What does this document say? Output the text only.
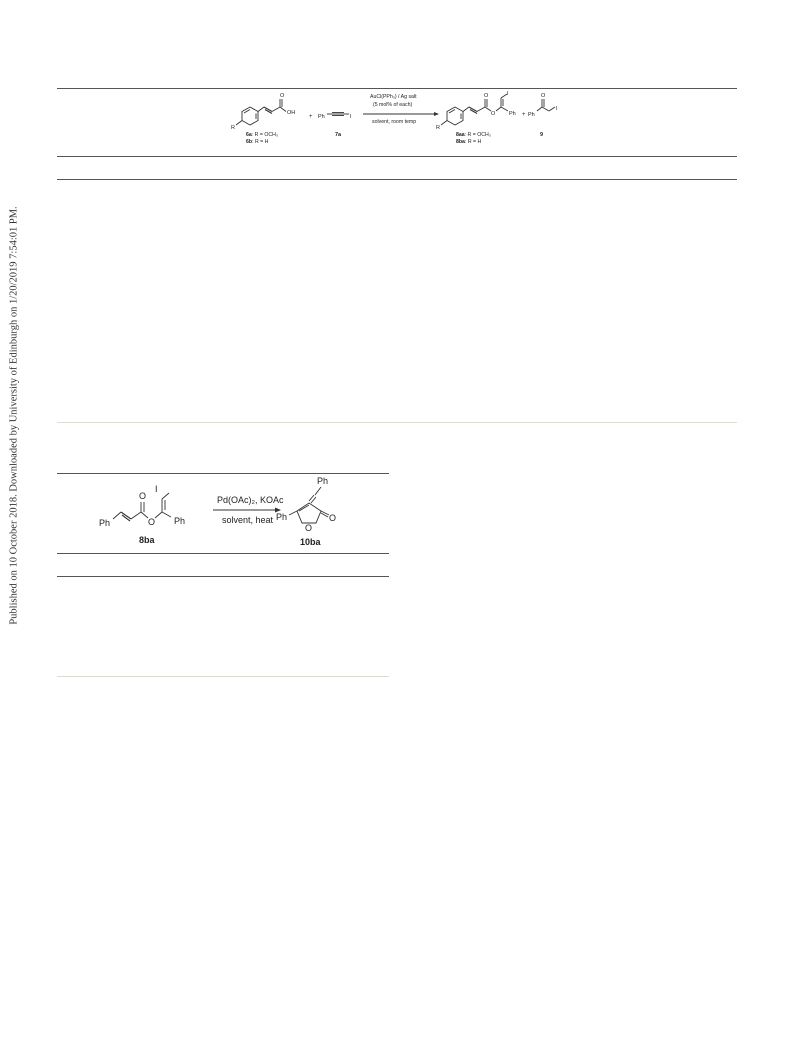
Published on 10 October 2018. Downloaded by University of Edinburgh on 1/20/2019 7:54:01 PM.
O
OH
R
6a: R = OCH₃
6b: R = H
+ Ph	I
7a
AuCl(PPh₃) / Ag salt
(5 mol% of each)
solvent, room temp
O
O
I
Ph
R
8aa: R = OCH₃
8ba: R = H
+ Ph
O
I
9
Ph
O
O
I
Ph
8ba
Pd(OAc)₂, KOAc
solvent, heat
Ph
Ph
O
O
10ba
